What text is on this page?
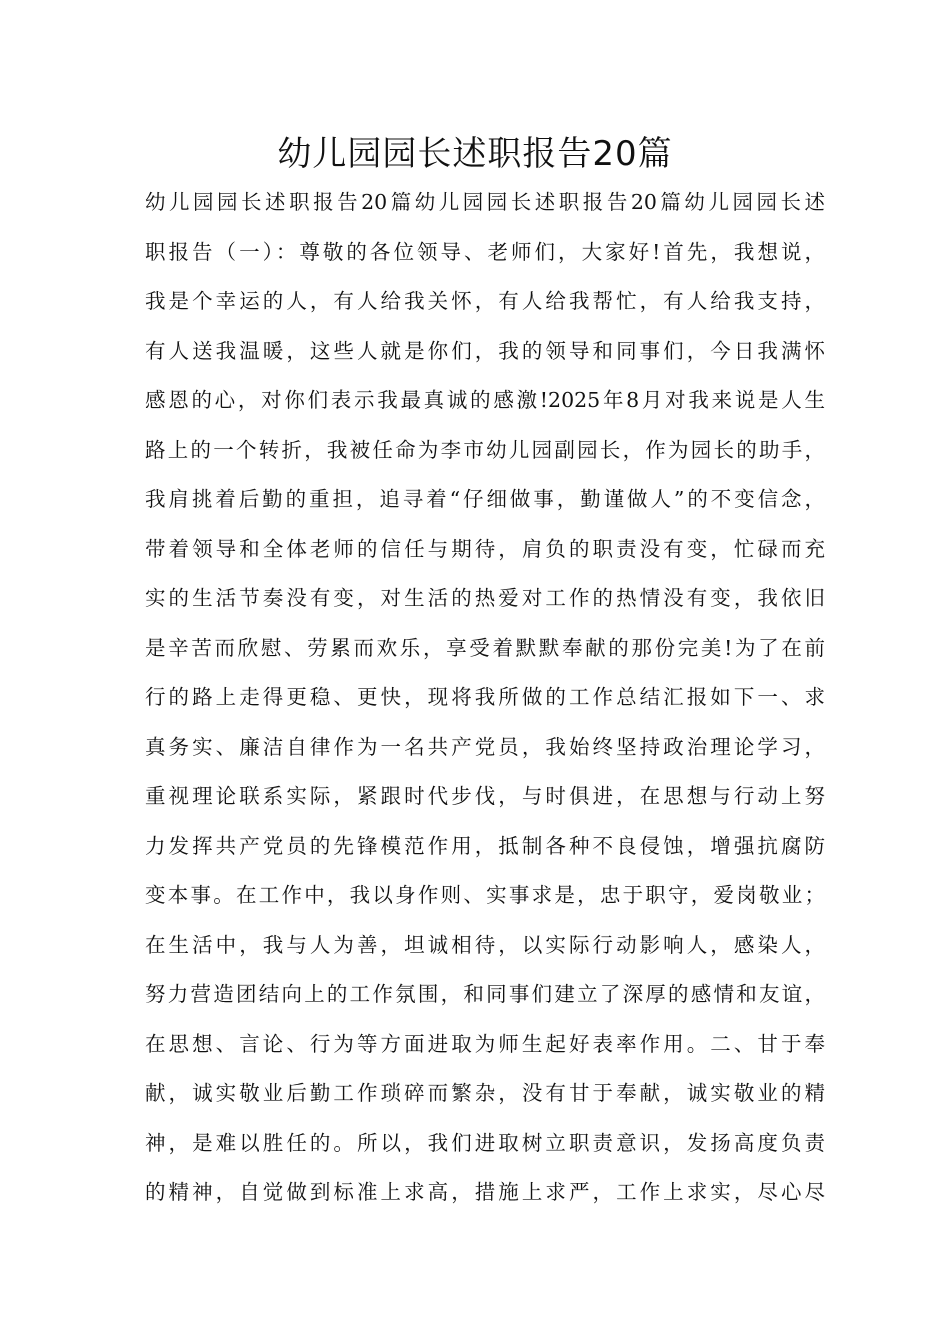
幼儿园园长述职报告20篇
幼儿园园长述职报告20篇幼儿园园长述职报告20篇幼儿园园长述
职报告（一）：尊敬的各位领导、老师们，大家好!首先，我想说，
我是个幸运的人，有人给我关怀，有人给我帮忙，有人给我支持，
有人送我温暖，这些人就是你们，我的领导和同事们，今日我满怀
感恩的心，对你们表示我最真诚的感激!2025年8月对我来说是人生
路上的一个转折，我被任命为李市幼儿园副园长，作为园长的助手，
我肩挑着后勤的重担，追寻着“仔细做事，勤谨做人”的不变信念，
带着领导和全体老师的信任与期待，肩负的职责没有变，忙碌而充
实的生活节奏没有变，对生活的热爱对工作的热情没有变，我依旧
是辛苦而欣慰、劳累而欢乐，享受着默默奉献的那份完美!为了在前
行的路上走得更稳、更快，现将我所做的工作总结汇报如下一、求
真务实、廉洁自律作为一名共产党员，我始终坚持政治理论学习，
重视理论联系实际，紧跟时代步伐，与时俱进，在思想与行动上努
力发挥共产党员的先锋模范作用，抵制各种不良侵蚀，增强抗腐防
变本事。在工作中，我以身作则、实事求是，忠于职守，爱岗敬业；
在生活中，我与人为善，坦诚相待，以实际行动影响人，感染人，
努力营造团结向上的工作氛围，和同事们建立了深厚的感情和友谊，
在思想、言论、行为等方面进取为师生起好表率作用。二、甘于奉
献，诚实敬业后勤工作琐碎而繁杂，没有甘于奉献，诚实敬业的精
神，是难以胜任的。所以，我们进取树立职责意识，发扬高度负责
的精神，自觉做到标准上求高，措施上求严，工作上求实，尽心尽
